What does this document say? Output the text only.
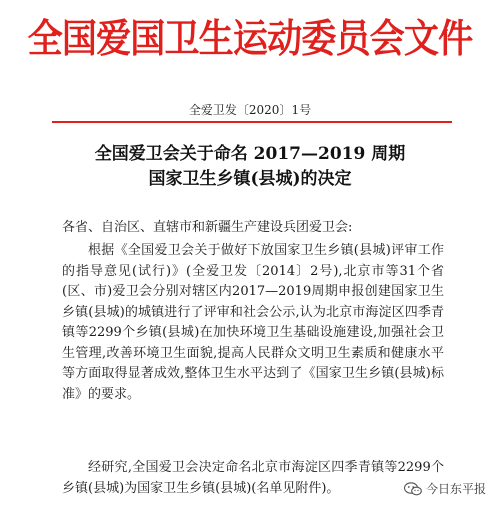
全国爱国卫生运动委员会文件
全爱卫发〔2020〕1号
全国爱卫会关于命名 2017—2019 周期
国家卫生乡镇(县城)的决定
各省、自治区、直辖市和新疆生产建设兵团爱卫会:
根据《全国爱卫会关于做好下放国家卫生乡镇(县城)评审工作的指导意见(试行)》(全爱卫发〔2014〕2号),北京市等31个省(区、市)爱卫会分别对辖区内2017—2019周期申报创建国家卫生乡镇(县城)的城镇进行了评审和社会公示,认为北京市海淀区四季青镇等2299个乡镇(县城)在加快环境卫生基础设施建设,加强社会卫生管理,改善环境卫生面貌,提高人民群众文明卫生素质和健康水平等方面取得显著成效,整体卫生水平达到了《国家卫生乡镇(县城)标准》的要求。
经研究,全国爱卫会决定命名北京市海淀区四季青镇等2299个乡镇(县城)为国家卫生乡镇(县城)(名单见附件)。	今日东平报
